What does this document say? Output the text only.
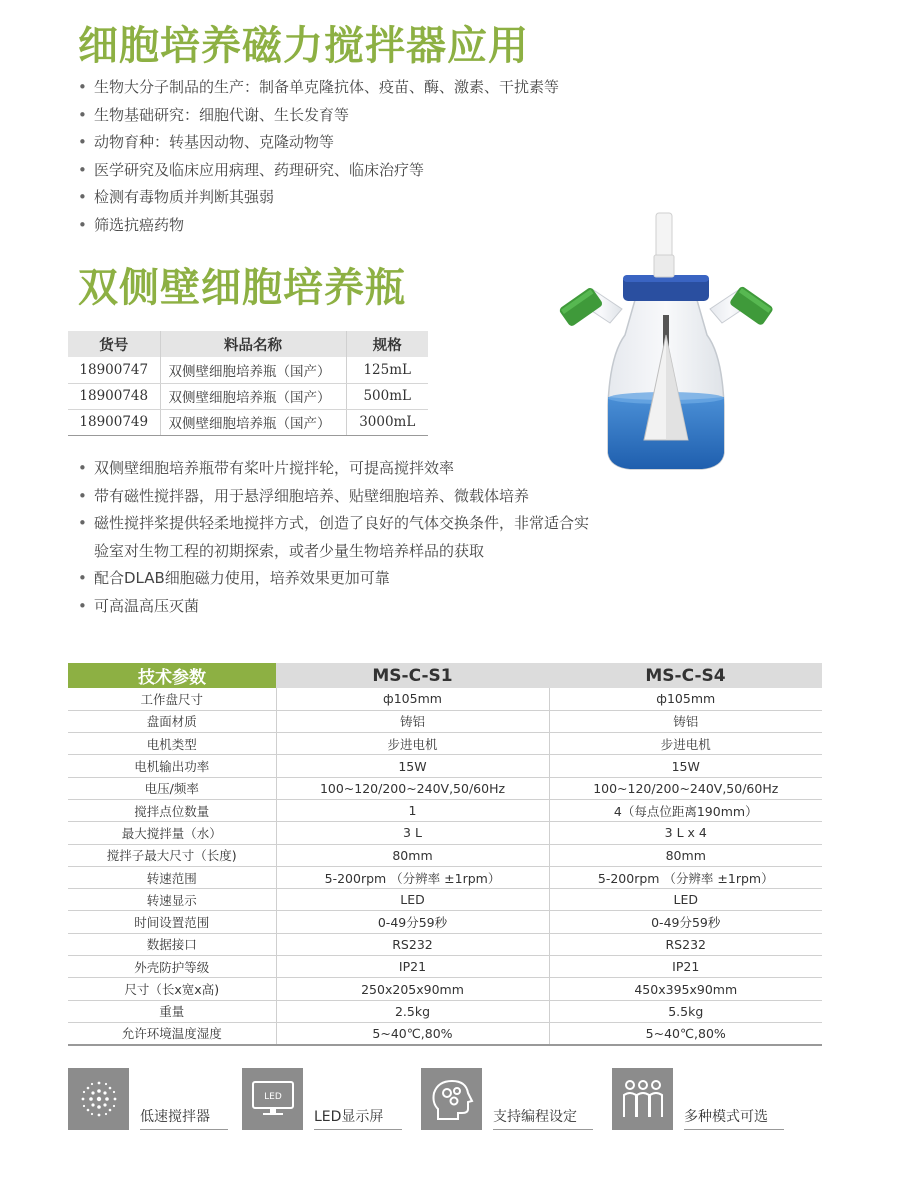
细胞培养磁力搅拌器应用
• 生物大分子制品的生产：制备单克隆抗体、疫苗、酶、激素、干扰素等
• 生物基础研究：细胞代谢、生长发育等
• 动物育种：转基因动物、克隆动物等
• 医学研究及临床应用病理、药理研究、临床治疗等
• 检测有毒物质并判断其强弱
• 筛选抗癌药物
双侧壁细胞培养瓶
货号	料品名称	规格
18900747	双侧壁细胞培养瓶（国产）	125mL
18900748	双侧壁细胞培养瓶（国产）	500mL
18900749	双侧壁细胞培养瓶（国产）	3000mL
• 双侧壁细胞培养瓶带有桨叶片搅拌轮，可提高搅拌效率
• 带有磁性搅拌器，用于悬浮细胞培养、贴壁细胞培养、微载体培养
• 磁性搅拌桨提供轻柔地搅拌方式，创造了良好的气体交换条件，非常适合实验室对生物工程的初期探索，或者少量生物培养样品的获取
• 配合DLAB细胞磁力使用，培养效果更加可靠
• 可高温高压灭菌
技术参数	MS-C-S1	MS-C-S4
工作盘尺寸	ф105mm	ф105mm
盘面材质	铸铝	铸铝
电机类型	步进电机	步进电机
电机输出功率	15W	15W
电压/频率	100~120/200~240V,50/60Hz	100~120/200~240V,50/60Hz
搅拌点位数量	1	4（每点位距离190mm）
最大搅拌量（水）	3 L	3 L x 4
搅拌子最大尺寸（长度)	80mm	80mm
转速范围	5-200rpm （分辨率 ±1rpm）	5-200rpm （分辨率 ±1rpm）
转速显示	LED	LED
时间设置范围	0-49分59秒	0-49分59秒
数据接口	RS232	RS232
外壳防护等级	IP21	IP21
尺寸（长x宽x高)	250x205x90mm	450x395x90mm
重量	2.5kg	5.5kg
允许环境温度湿度	5~40℃,80%	5~40℃,80%
低速搅拌器
LED
LED显示屏	支持编程设定	多种模式可选
